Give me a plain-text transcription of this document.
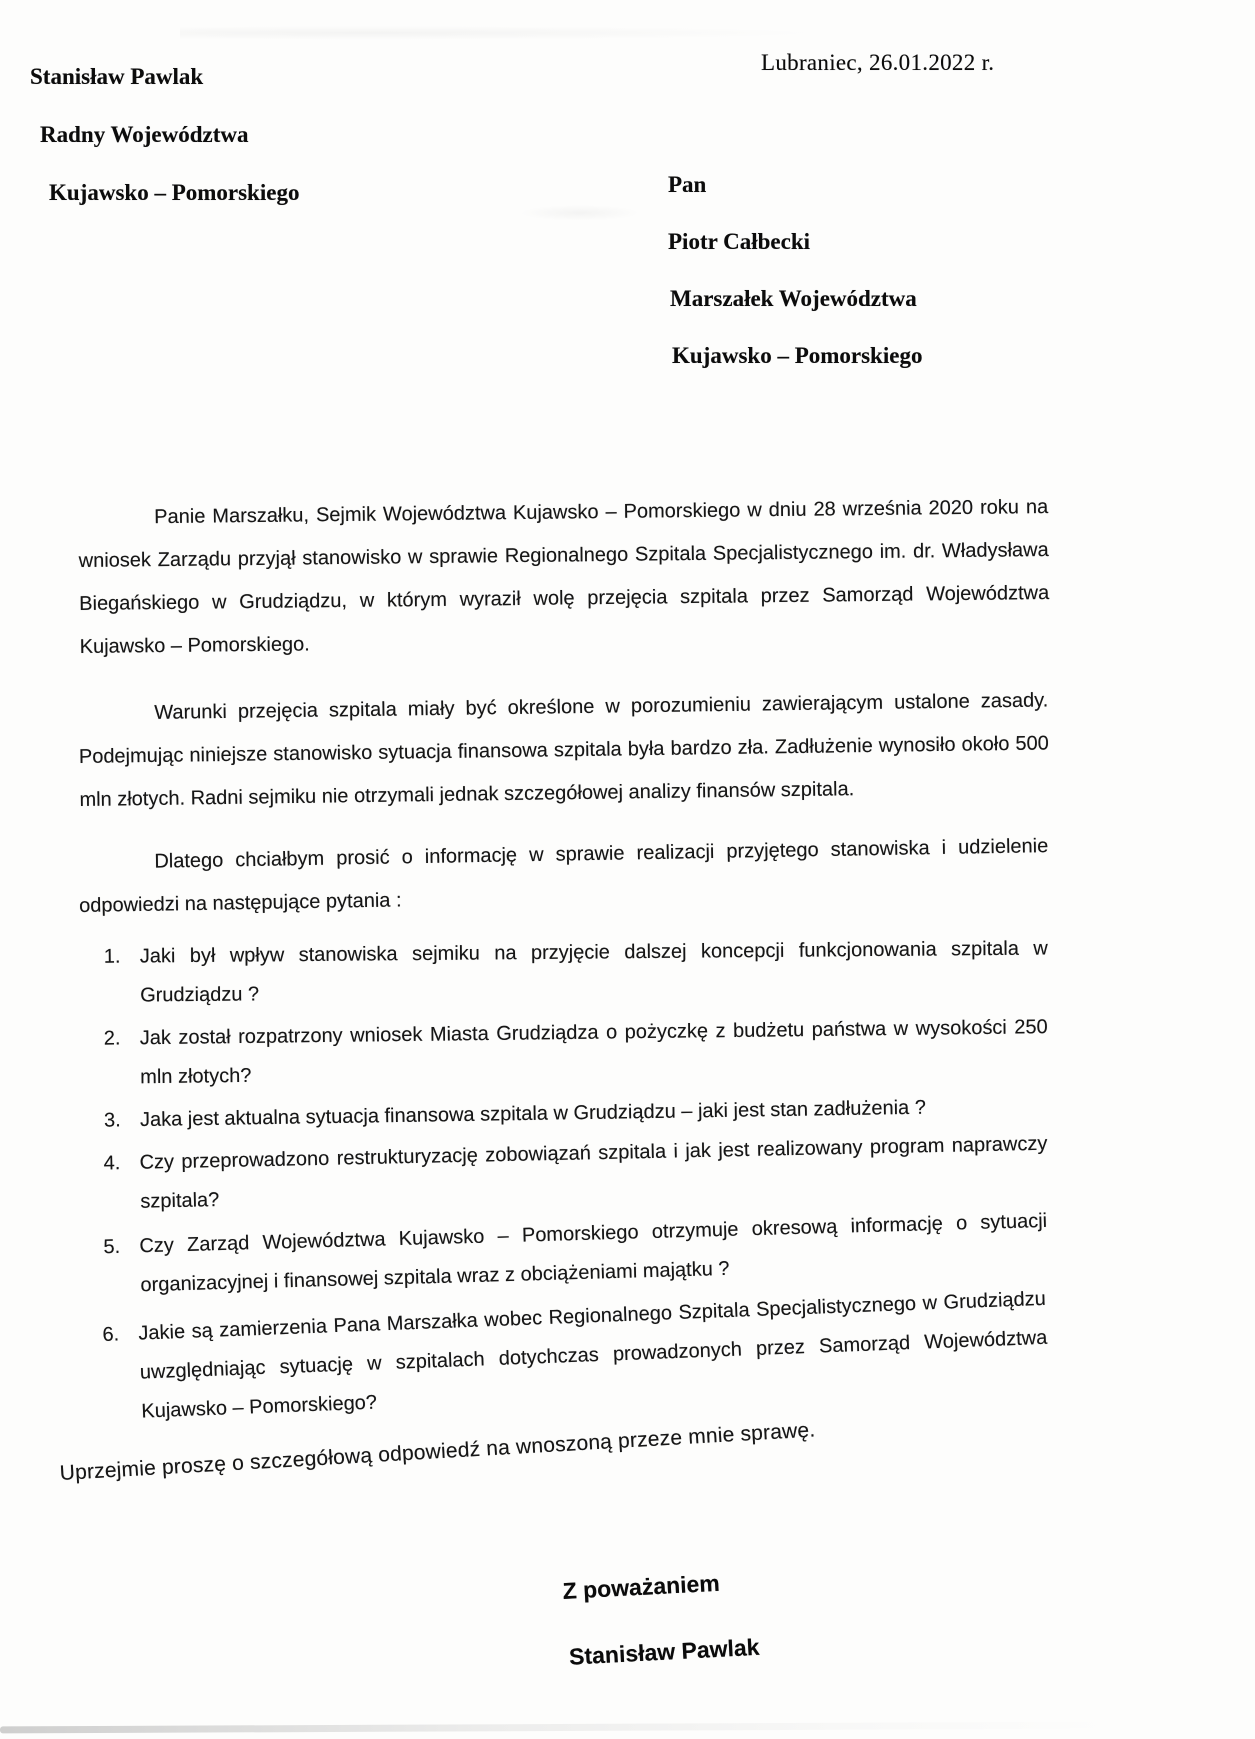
Lubraniec, 26.01.2022 r.
Stanisław Pawlak
Radny Województwa
Kujawsko – Pomorskiego	Pan
Piotr Całbecki
Marszałek Województwa
Kujawsko – Pomorskiego

Panie Marszałku, Sejmik Województwa Kujawsko – Pomorskiego w dniu 28 września 2020 roku na wniosek Zarządu przyjął stanowisko w sprawie Regionalnego Szpitala Specjalistycznego im. dr. Władysława Biegańskiego w Grudziądzu, w którym wyraził wolę przejęcia szpitala przez Samorząd Województwa Kujawsko – Pomorskiego.

Warunki przejęcia szpitala miały być określone w porozumieniu zawierającym ustalone zasady. Podejmując niniejsze stanowisko sytuacja finansowa szpitala była bardzo zła. Zadłużenie wynosiło około 500 mln złotych. Radni sejmiku nie otrzymali jednak szczegółowej analizy finansów szpitala.

Dlatego chciałbym prosić o informację w sprawie realizacji przyjętego stanowiska i udzielenie odpowiedzi na następujące pytania :

1. Jaki był wpływ stanowiska sejmiku na przyjęcie dalszej koncepcji funkcjonowania szpitala w Grudziądzu ?
2. Jak został rozpatrzony wniosek Miasta Grudziądza o pożyczkę z budżetu państwa w wysokości 250 mln złotych?
3. Jaka jest aktualna sytuacja finansowa szpitala w Grudziądzu – jaki jest stan zadłużenia ?
4. Czy przeprowadzono restrukturyzację zobowiązań szpitala i jak jest realizowany program naprawczy szpitala?
5. Czy Zarząd Województwa Kujawsko – Pomorskiego otrzymuje okresową informację o sytuacji organizacyjnej i finansowej szpitala wraz z obciążeniami majątku ?
6. Jakie są zamierzenia Pana Marszałka wobec Regionalnego Szpitala Specjalistycznego w Grudziądzu uwzględniając sytuację w szpitalach dotychczas prowadzonych przez Samorząd Województwa Kujawsko – Pomorskiego?

Uprzejmie proszę o szczegółową odpowiedź na wnoszoną przeze mnie sprawę.

Z poważaniem
Stanisław Pawlak
